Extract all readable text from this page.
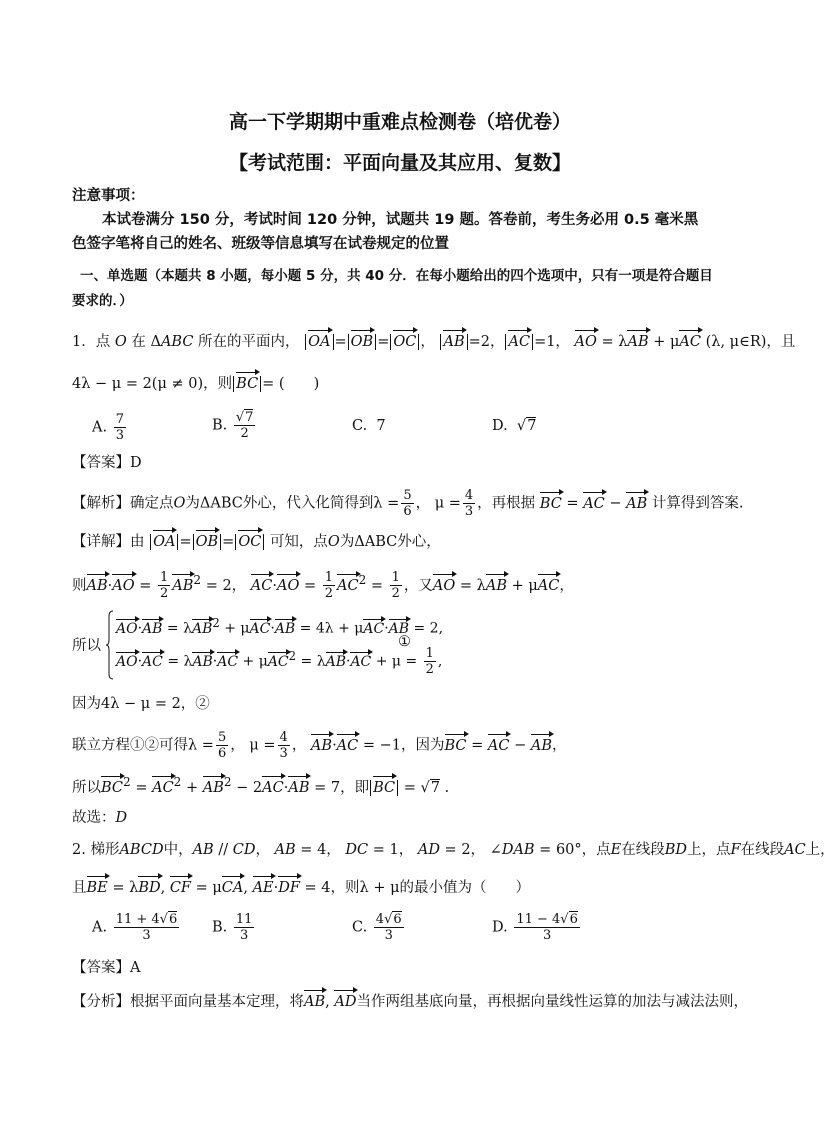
高一下学期期中重难点检测卷（培优卷）
【考试范围：平面向量及其应用、复数】
注意事项：
本试卷满分 150 分，考试时间 120 分钟，试题共 19 题。答卷前，考生务必用 0.5 毫米黑
色签字笔将自己的姓名、班级等信息填写在试卷规定的位置
一、单选题（本题共 8 小题，每小题 5 分，共 40 分．在每小题给出的四个选项中，只有一项是符合题目
要求的．）
1．点 O 在 ΔABC 所在的平面内， OA = OB = OC ， AB =2， AC =1， AO = λAB + μAC (λ, μ∈R)，且
4λ − μ = 2(μ ≠ 0)，则 BC = (　　)
A. $\frac{7}{3}$	B. $\frac{√7}{2}$	C. 7	D.  √7
【答案】D
【解析】确定点O为ΔABC外心，代入化简得到$\lambda = \frac{5}{6}$ ， $\mu = \frac{4}{3}$ ，再根据 BC = AC − AB 计算得到答案.
【详解】由 OA = OB = OC 可知，点O为ΔABC外心，
则$AB\cdot AO = \frac{1}{2} AB^2 = 2$， $AC\cdot AO = \frac{1}{2} AC^2 = \frac{1}{2}$ ，又AO = λAB + μAC，
所以
AO·AB = λAB$^2$ + μAC·AB = 4λ + μAC·AB = 2,
$AO\cdot AC = \lambda AB\cdot AC + \mu AC^2 = \lambda AB\cdot AC + \mu = \frac{1}{2}$ ,
①
因为4λ − μ = 2，②
联立方程①②可得$\lambda = \frac{5}{6}$ ， $\mu = \frac{4}{3}$ ， AB·AC = −1，因为BC = AC − AB，
所以$BC^2 = AC^2 + AB^2 - 2AC\cdot AB = 7$，即 BC = √7 .
故选：D
2. 梯形ABCD中，AB // CD， AB = 4， DC = 1， AD = 2， ∠DAB = 60°，点E在线段BD上，点F在线段AC上，
且BE = λBD, CF = μCA, AE·DF = 4，则λ + μ的最小值为（　　）
A. $\frac{11 + 4√6}{3} B$. $\frac{11}{3}$	C. $\frac{4√6}{3}$	D. $\frac{11 - 4√6}{3}$
【答案】A
【分析】根据平面向量基本定理，将AB, AD当作两组基底向量，再根据向量线性运算的加法与减法法则，
